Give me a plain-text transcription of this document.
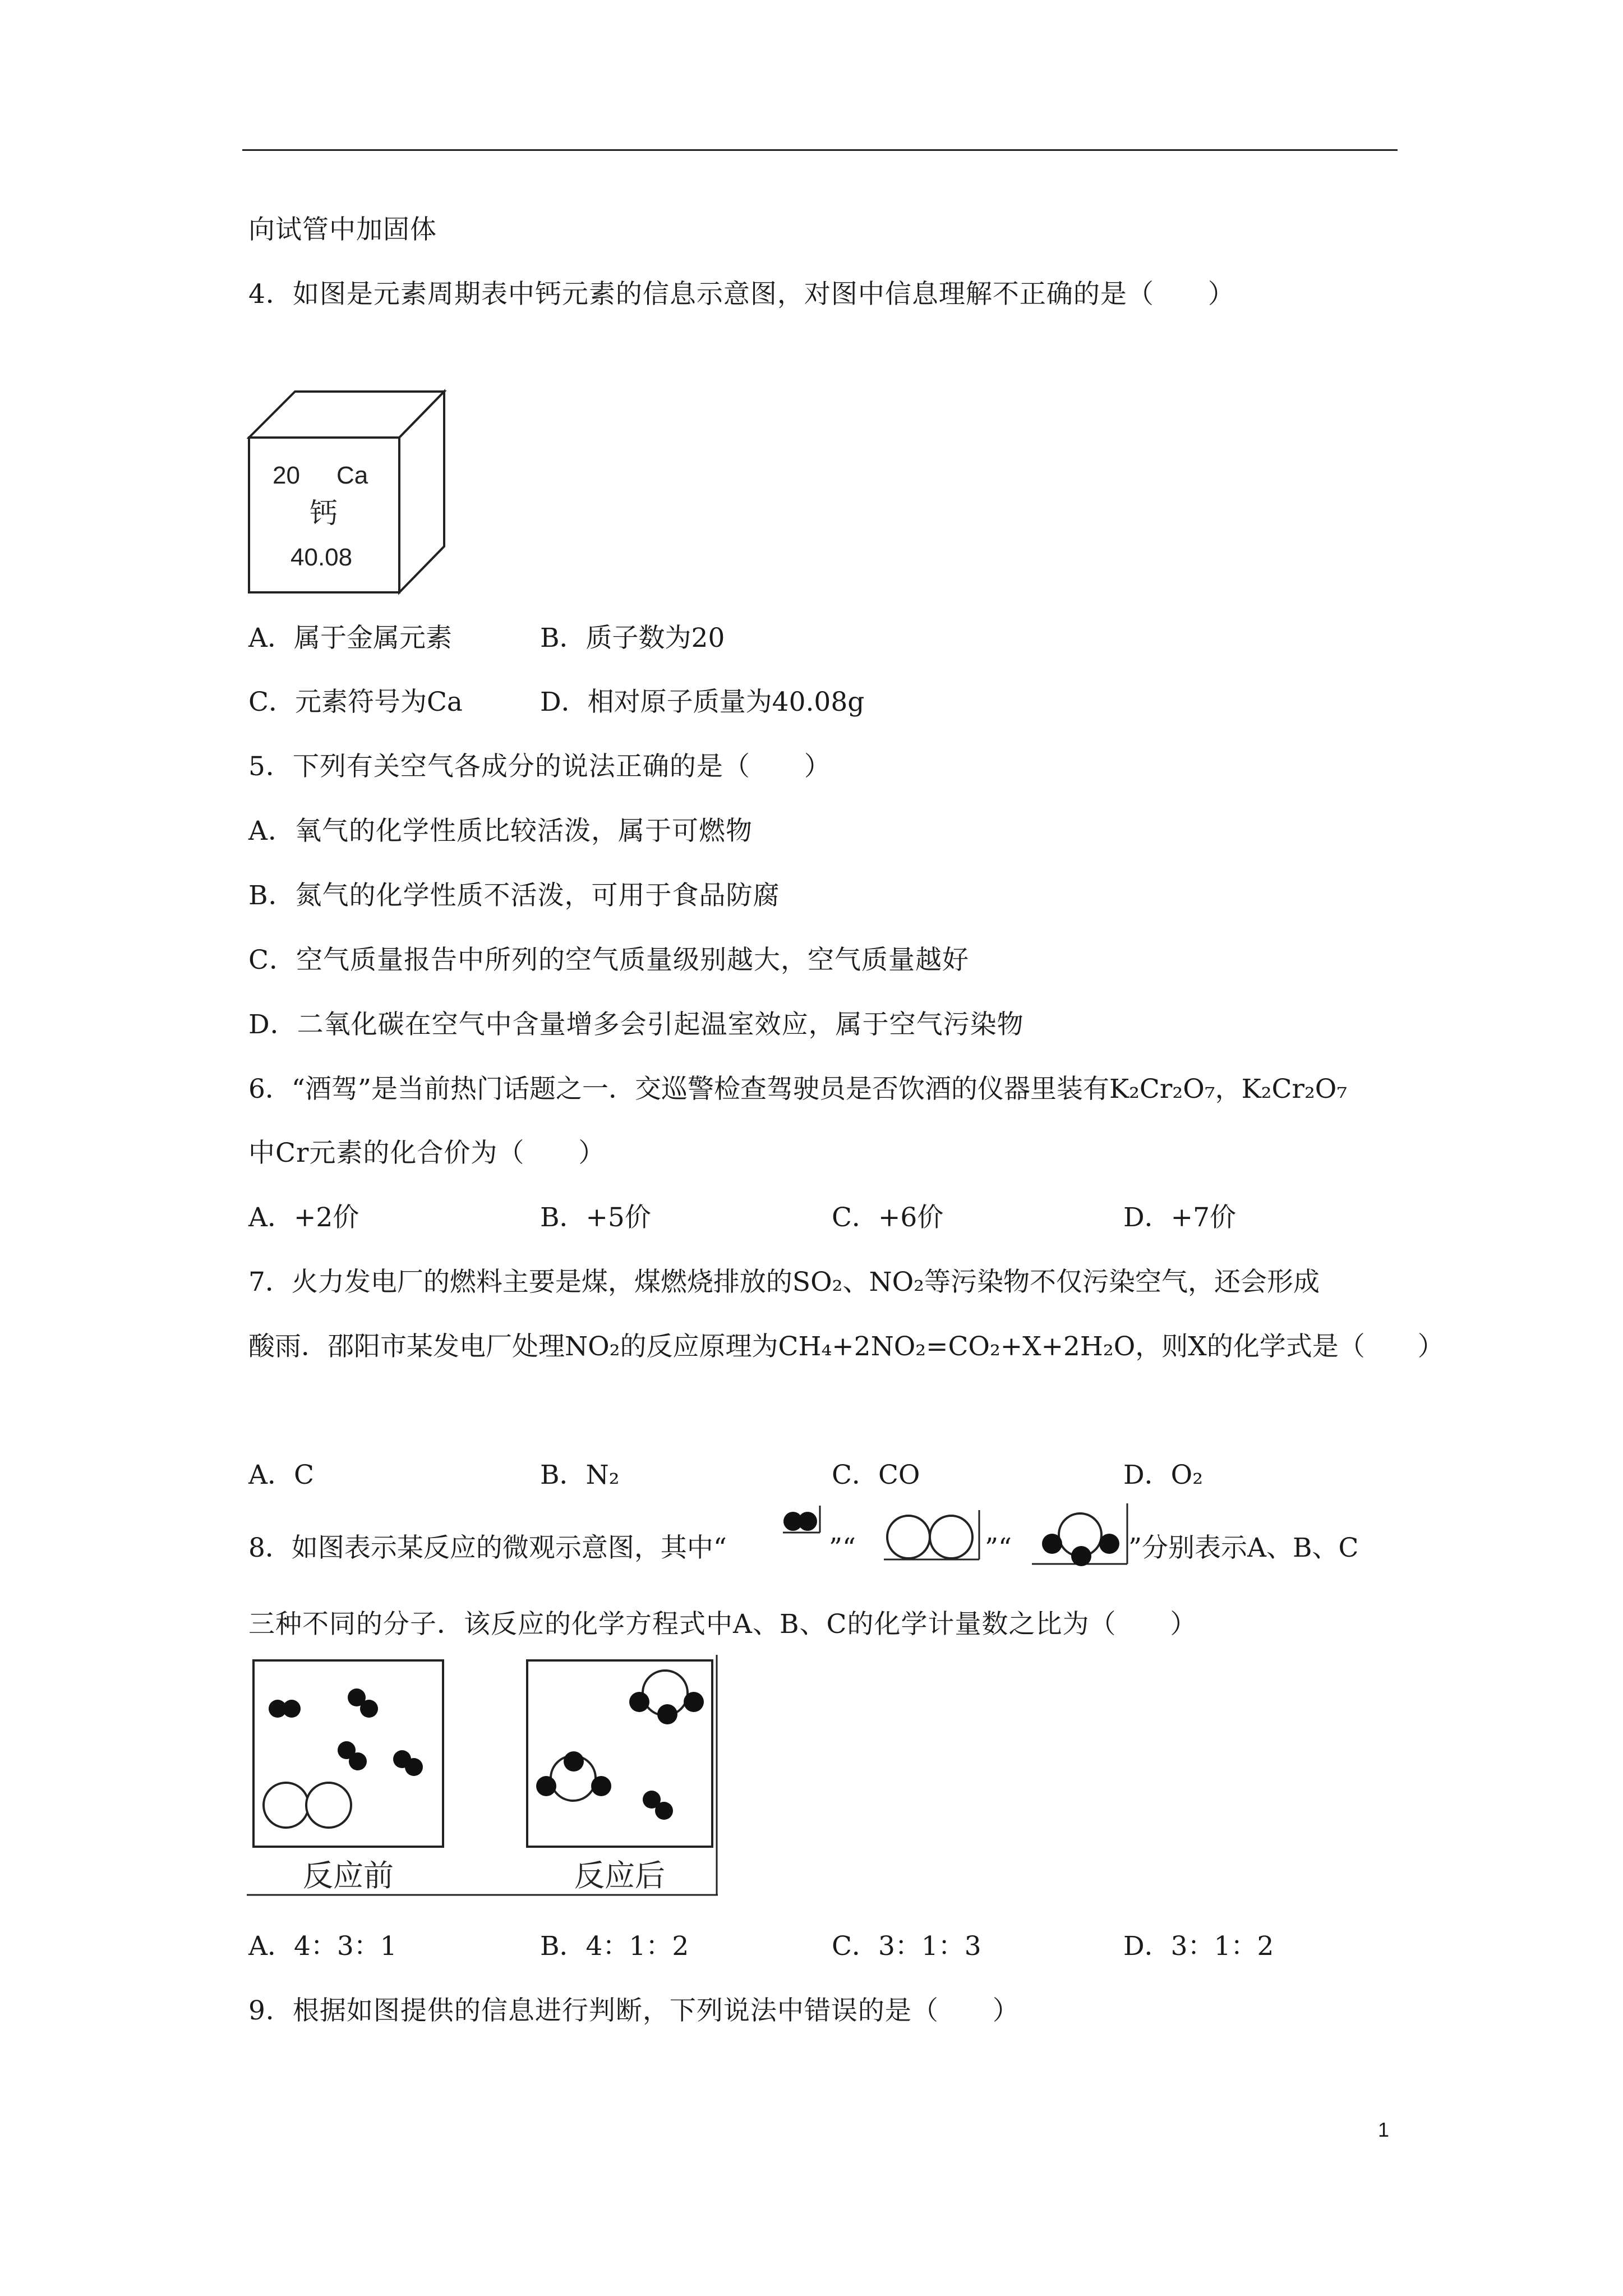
向试管中加固体
4．如图是元素周期表中钙元素的信息示意图，对图中信息理解不正确的是（　　）
20 Ca
钙
40.08
A．属于金属元素	B．质子数为20
C．元素符号为Ca	D．相对原子质量为40.08g
5．下列有关空气各成分的说法正确的是（　　）
A．氧气的化学性质比较活泼，属于可燃物
B．氮气的化学性质不活泼，可用于食品防腐
C．空气质量报告中所列的空气质量级别越大，空气质量越好
D．二氧化碳在空气中含量增多会引起温室效应，属于空气污染物
6．“酒驾”是当前热门话题之一．交巡警检查驾驶员是否饮酒的仪器里装有K₂Cr₂O₇，K₂Cr₂O₇
中Cr元素的化合价为（　　）
A．+2价	B．+5价	C．+6价	D．+7价
7．火力发电厂的燃料主要是煤，煤燃烧排放的SO₂、NO₂等污染物不仅污染空气，还会形成
酸雨．邵阳市某发电厂处理NO₂的反应原理为CH₄+2NO₂=CO₂+X+2H₂O，则X的化学式是（　　）
A．C	B．N₂	C．CO	D．O₂
8．如图表示某反应的微观示意图，其中“	”“	”“	”分别表示A、B、C
三种不同的分子．该反应的化学方程式中A、B、C的化学计量数之比为（　　）
反应前	反应后
A．4：3：1	B．4：1：2	C．3：1：3	D．3：1：2
9．根据如图提供的信息进行判断，下列说法中错误的是（　　）
1
